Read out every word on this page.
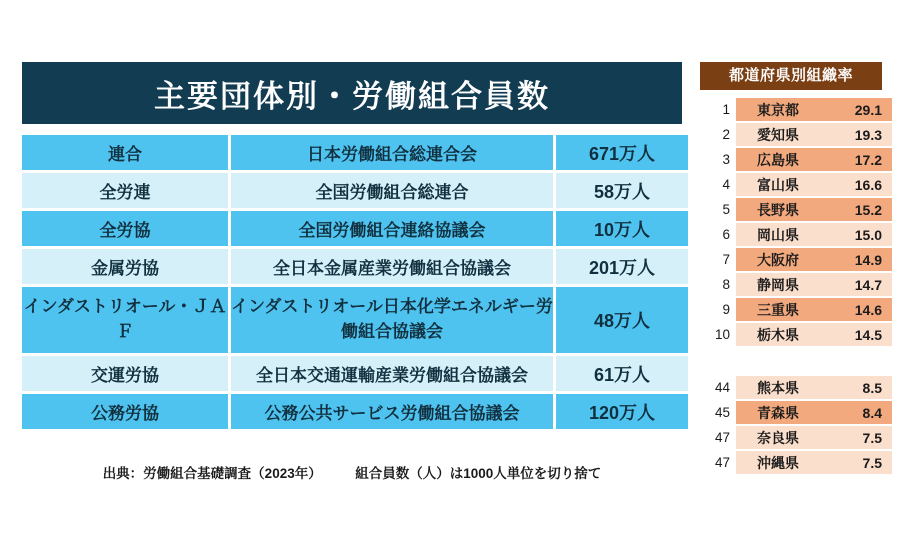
主要団体別・労働組合員数
連合	日本労働組合総連合会	671万人
全労連	全国労働組合総連合	58万人
全労協	全国労働組合連絡協議会	10万人
金属労協	全日本金属産業労働組合協議会	201万人
インダストリオール・ＪＡＦ	インダストリオール日本化学エネルギー労働組合協議会	48万人
交運労協	全日本交通運輸産業労働組合協議会	61万人
公務労協	公務公共サービス労働組合協議会	120万人
出典：労働組合基礎調査（2023年） 組合員数（人）は1000人単位を切り捨て
都道府県別組織率
1	東京都	29.1
2	愛知県	19.3
3	広島県	17.2
4	富山県	16.6
5	長野県	15.2
6	岡山県	15.0
7	大阪府	14.9
8	静岡県	14.7
9	三重県	14.6
10	栃木県	14.5
44	熊本県	8.5
45	青森県	8.4
47	奈良県	7.5
47	沖縄県	7.5
